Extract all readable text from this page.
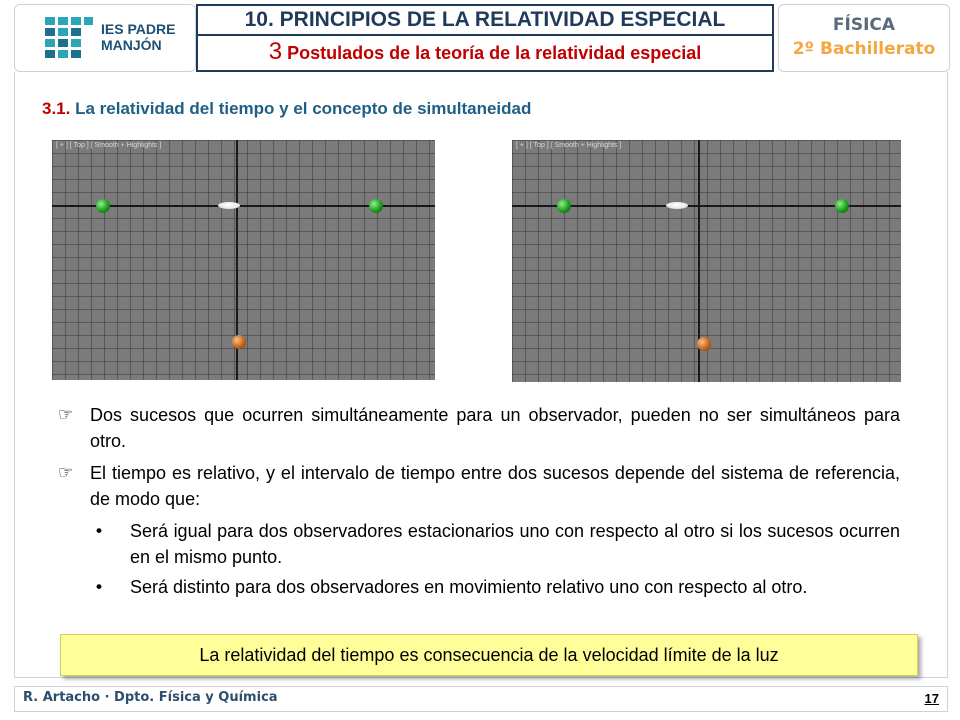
IES PADRE
MANJÓN
10. PRINCIPIOS DE LA RELATIVIDAD ESPECIAL
3 Postulados de la teoría de la relatividad especial
FÍSICA
2º Bachillerato
3.1. La relatividad del tiempo y el concepto de simultaneidad
[ + ] [ Top ] [ Smooth + Highlights ]	[ + ] [ Top ] [ Smooth + Highlights ]
☞ Dos sucesos que ocurren simultáneamente para un observador, pueden no ser simultáneos para otro.
☞ El tiempo es relativo, y el intervalo de tiempo entre dos sucesos depende del sistema de referencia, de modo que:
• Será igual para dos observadores estacionarios uno con respecto al otro si los sucesos ocurren en el mismo punto.
• Será distinto para dos observadores en movimiento relativo uno con respecto al otro.
La relatividad del tiempo es consecuencia de la velocidad límite de la luz
R. Artacho · Dpto. Física y Química	17
